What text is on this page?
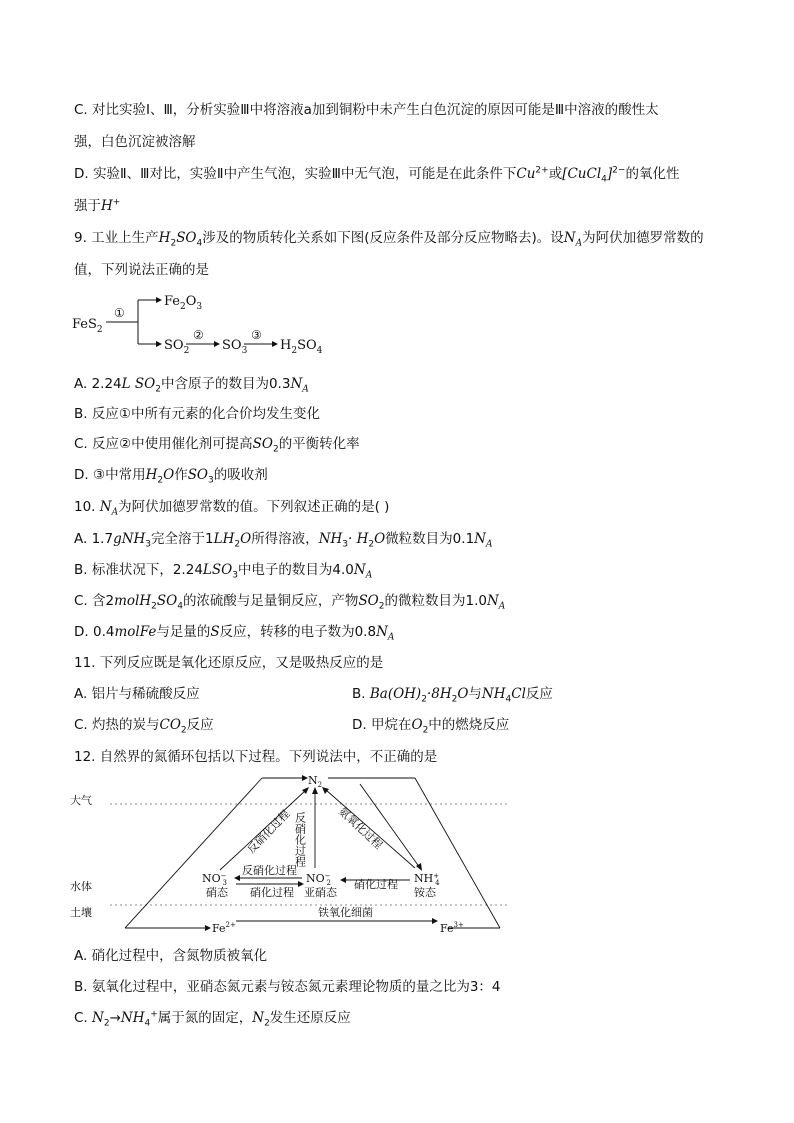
C. 对比实验Ⅰ、Ⅲ，分析实验Ⅲ中将溶液a加到铜粉中未产生白色沉淀的原因可能是Ⅲ中溶液的酸性太
强，白色沉淀被溶解
D. 实验Ⅱ、Ⅲ对比，实验Ⅱ中产生气泡，实验Ⅲ中无气泡，可能是在此条件下$Cu^{2+}$或[CuCl$_4$]$^{2-}$的氧化性
强于H+
9. 工业上生产$H_2SO_4$涉及的物质转化关系如下图(反应条件及部分反应物略去)。设$N_A$为阿伏加德罗常数的
值，下列说法正确的是
FeS$_2$
①
$Fe_2O_3$
$SO_2$
②
$SO_3$
③
$H_2SO_4$
A. 2.24L $SO_2$中含原子的数目为$0.3N_A$
B. 反应①中所有元素的化合价均发生变化
C. 反应②中使用催化剂可提高$SO_2$的平衡转化率
D. ③中常用$H_2O$作$SO_3$的吸收剂
10. $N_A$为阿伏加德罗常数的值。下列叙述正确的是( )
A. 1.7gNH$_3$完全溶于$1LH_2O$所得溶液，$NH_3\cdot H_2O$微粒数目为$0.1N_A$
B. 标准状况下，$2.24LSO_3$中电子的数目为$4.0N_A$
C. 含$2molH_2SO_4$的浓硫酸与足量铜反应，产物$SO_2$的微粒数目为$1.0N_A$
D. 0.4molFe与足量的S反应，转移的电子数为$0.8N_A$
11. 下列反应既是氧化还原反应，又是吸热反应的是
A. 铝片与稀硫酸反应	B. $Ba(OH)_2\cdot 8H_2O$与$NH_4Cl$反应
C. 灼热的炭与$CO_2$反应	D. 甲烷在$O_2$中的燃烧反应
12. 自然界的氮循环包括以下过程。下列说法中，不正确的是
大气
水体
土壤
$N_2$
反硝化过程 反硝化过程	氨氧化过程
NO− 3
硝态
NO− 2
亚硝态
NH+ 4
铵态
反硝化过程
硝化过程
硝化过程
$Fe^{2+}$
铁氧化细菌
$Fe^{3+}$
A. 硝化过程中，含氮物质被氧化
B. 氨氧化过程中，亚硝态氮元素与铵态氮元素理论物质的量之比为3：4
C. $N_2\to NH_4^+$属于氮的固定，$N_2$发生还原反应
